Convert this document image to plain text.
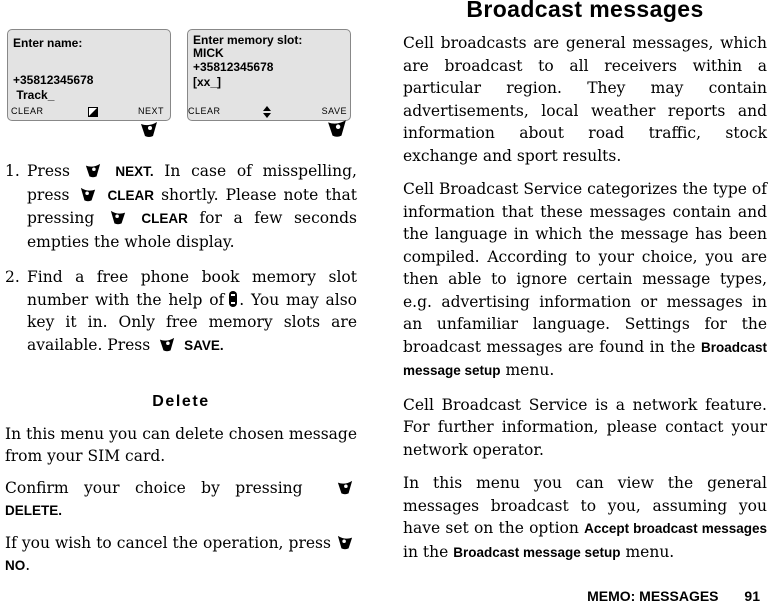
Enter name:
+35812345678
Track_
CLEAR	NEXT
Enter memory slot:
MICK
+35812345678
[xx_]
CLEAR	SAVE
1. Press	NEXT. In case of misspelling, press	CLEAR shortly. Please note that pressing	CLEAR for a few seconds empties the whole display.
2. Find a free phone book memory slot number with the help of . You may also key it in. Only free memory slots are available. Press	SAVE.
Delete

In this menu you can delete chosen message from your SIM card.

Confirm your choice by pressing  DELETE.

If you wish to cancel the operation, press  NO.

Broadcast messages

Cell broadcasts are general messages, which are broadcast to all receivers within a particular region. They may contain advertisements, local weather reports and information about road traffic, stock exchange and sport results.

Cell Broadcast Service categorizes the type of information that these messages contain and the language in which the message has been compiled. According to your choice, you are then able to ignore certain message types, e.g. advertising information or messages in an unfamiliar language. Settings for the broadcast messages are found in the Broadcast message setup menu.

Cell Broadcast Service is a network feature. For further information, please contact your network operator.

In this menu you can view the general messages broadcast to you, assuming you have set on the option Accept broadcast messages in the Broadcast message setup menu.

MEMO: MESSAGES 91
